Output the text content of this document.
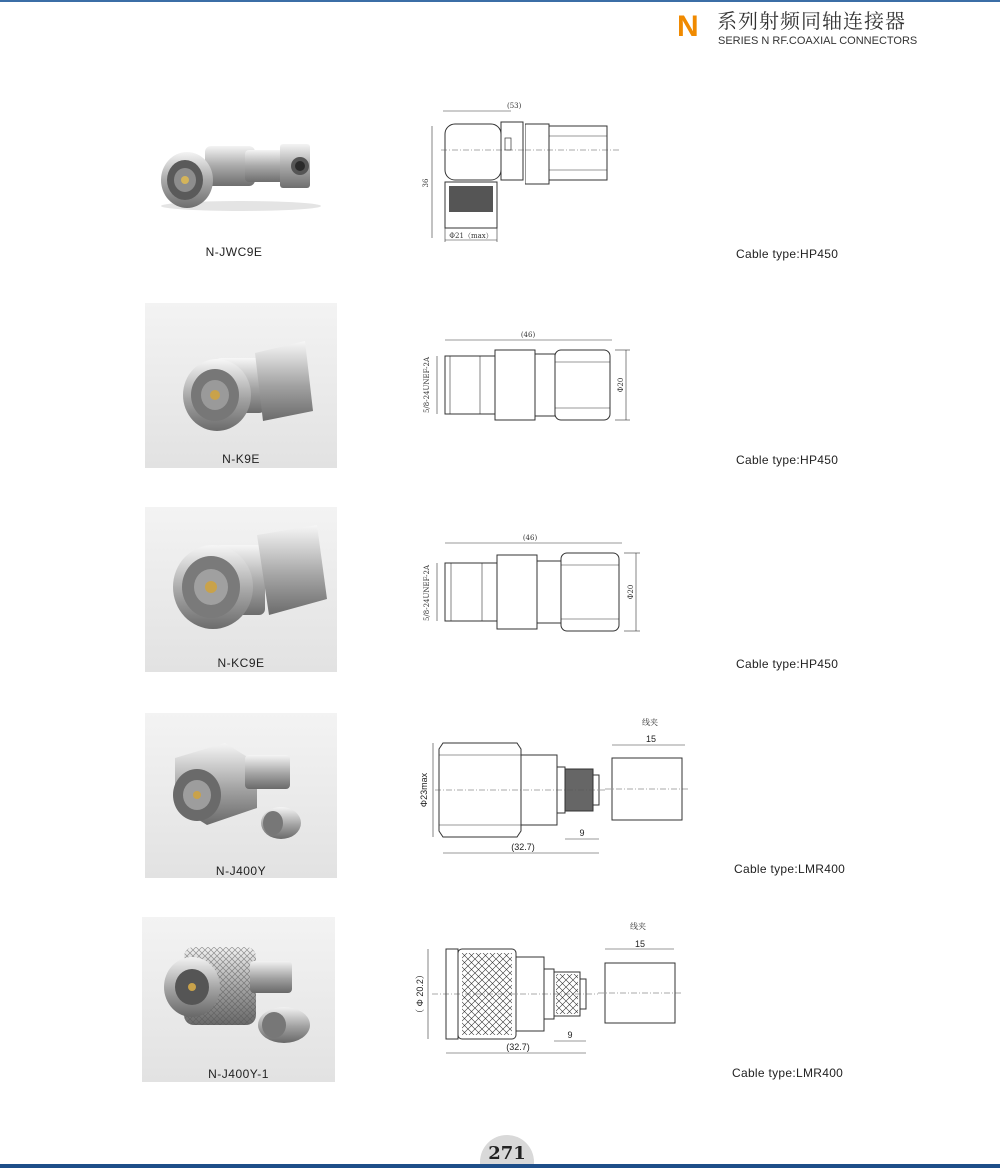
N 系列射频同轴连接器
SERIES N RF.COAXIAL CONNECTORS
N-JWC9E
(53)
36
Φ21（max）
Cable type:HP450
N-K9E
(46)
5/8-24UNEF-2A	Φ20
Cable type:HP450
N-KC9E
(46)
5/8-24UNEF-2A	Φ20
Cable type:HP450
N-J400Y
线夹
15
Φ23max
9
(32.7)
Cable type:LMR400
N-J400Y-1
线夹
15
（ Φ 20.2）
9
(32.7)
Cable type:LMR400
271
